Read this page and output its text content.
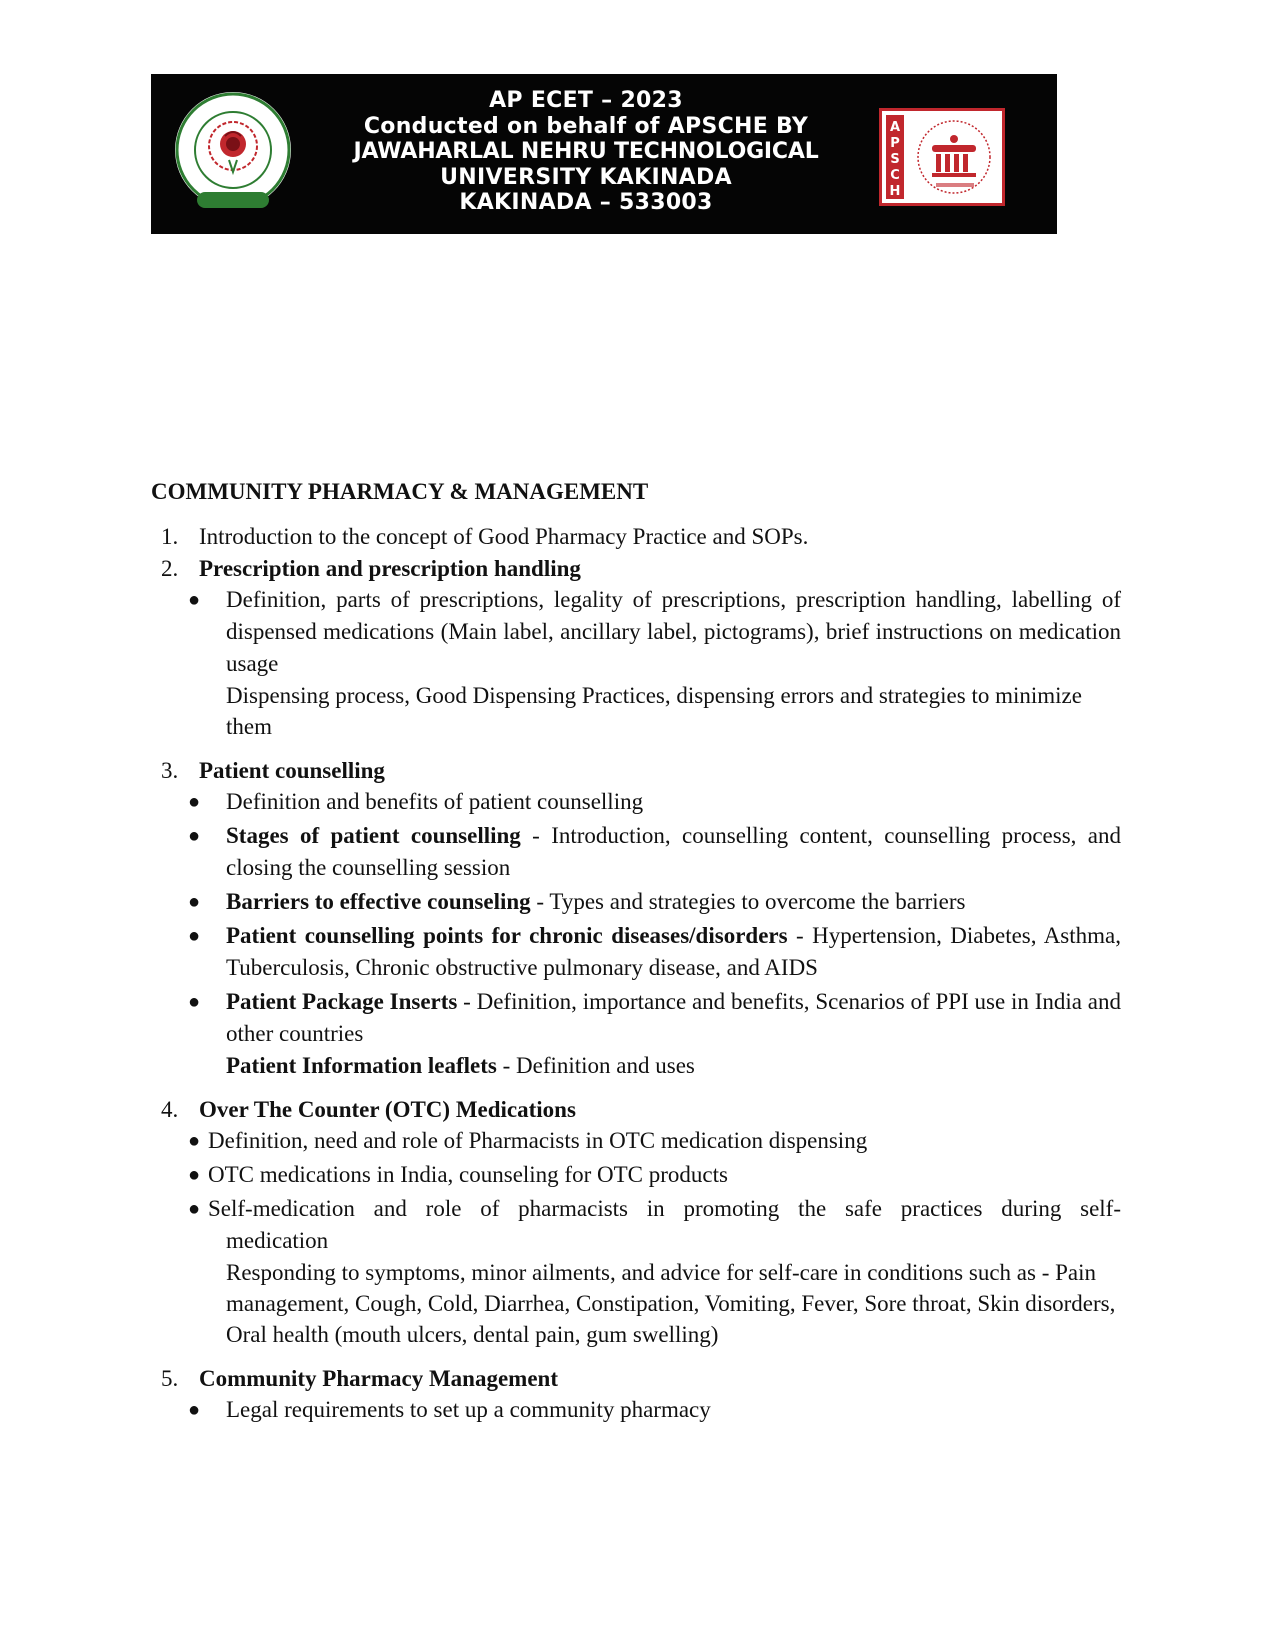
AP ECET – 2023
Conducted on behalf of APSCHE BY
JAWAHARLAL NEHRU TECHNOLOGICAL
UNIVERSITY KAKINADA
KAKINADA – 533003
A
P
S
C
H
COMMUNITY PHARMACY & MANAGEMENT
1. Introduction to the concept of Good Pharmacy Practice and SOPs.
2. Prescription and prescription handling
● Definition, parts of prescriptions, legality of prescriptions, prescription handling, labelling of dispensed medications (Main label, ancillary label, pictograms), brief instructions on medication usage
Dispensing process, Good Dispensing Practices, dispensing errors and strategies to minimize them
3. Patient counselling
● Definition and benefits of patient counselling
● Stages of patient counselling - Introduction, counselling content, counselling process, and closing the counselling session
● Barriers to effective counseling - Types and strategies to overcome the barriers
● Patient counselling points for chronic diseases/disorders - Hypertension, Diabetes, Asthma, Tuberculosis, Chronic obstructive pulmonary disease, and AIDS
● Patient Package Inserts - Definition, importance and benefits, Scenarios of PPI use in India and other countries
Patient Information leaflets - Definition and uses
4. Over The Counter (OTC) Medications
● Definition, need and role of Pharmacists in OTC medication dispensing
● OTC medications in India, counseling for OTC products
● Self-medication and role of pharmacists in promoting the safe practices during self-
medication
Responding to symptoms, minor ailments, and advice for self-care in conditions such as - Pain management, Cough, Cold, Diarrhea, Constipation, Vomiting, Fever, Sore throat, Skin disorders, Oral health (mouth ulcers, dental pain, gum swelling)
5. Community Pharmacy Management
● Legal requirements to set up a community pharmacy
